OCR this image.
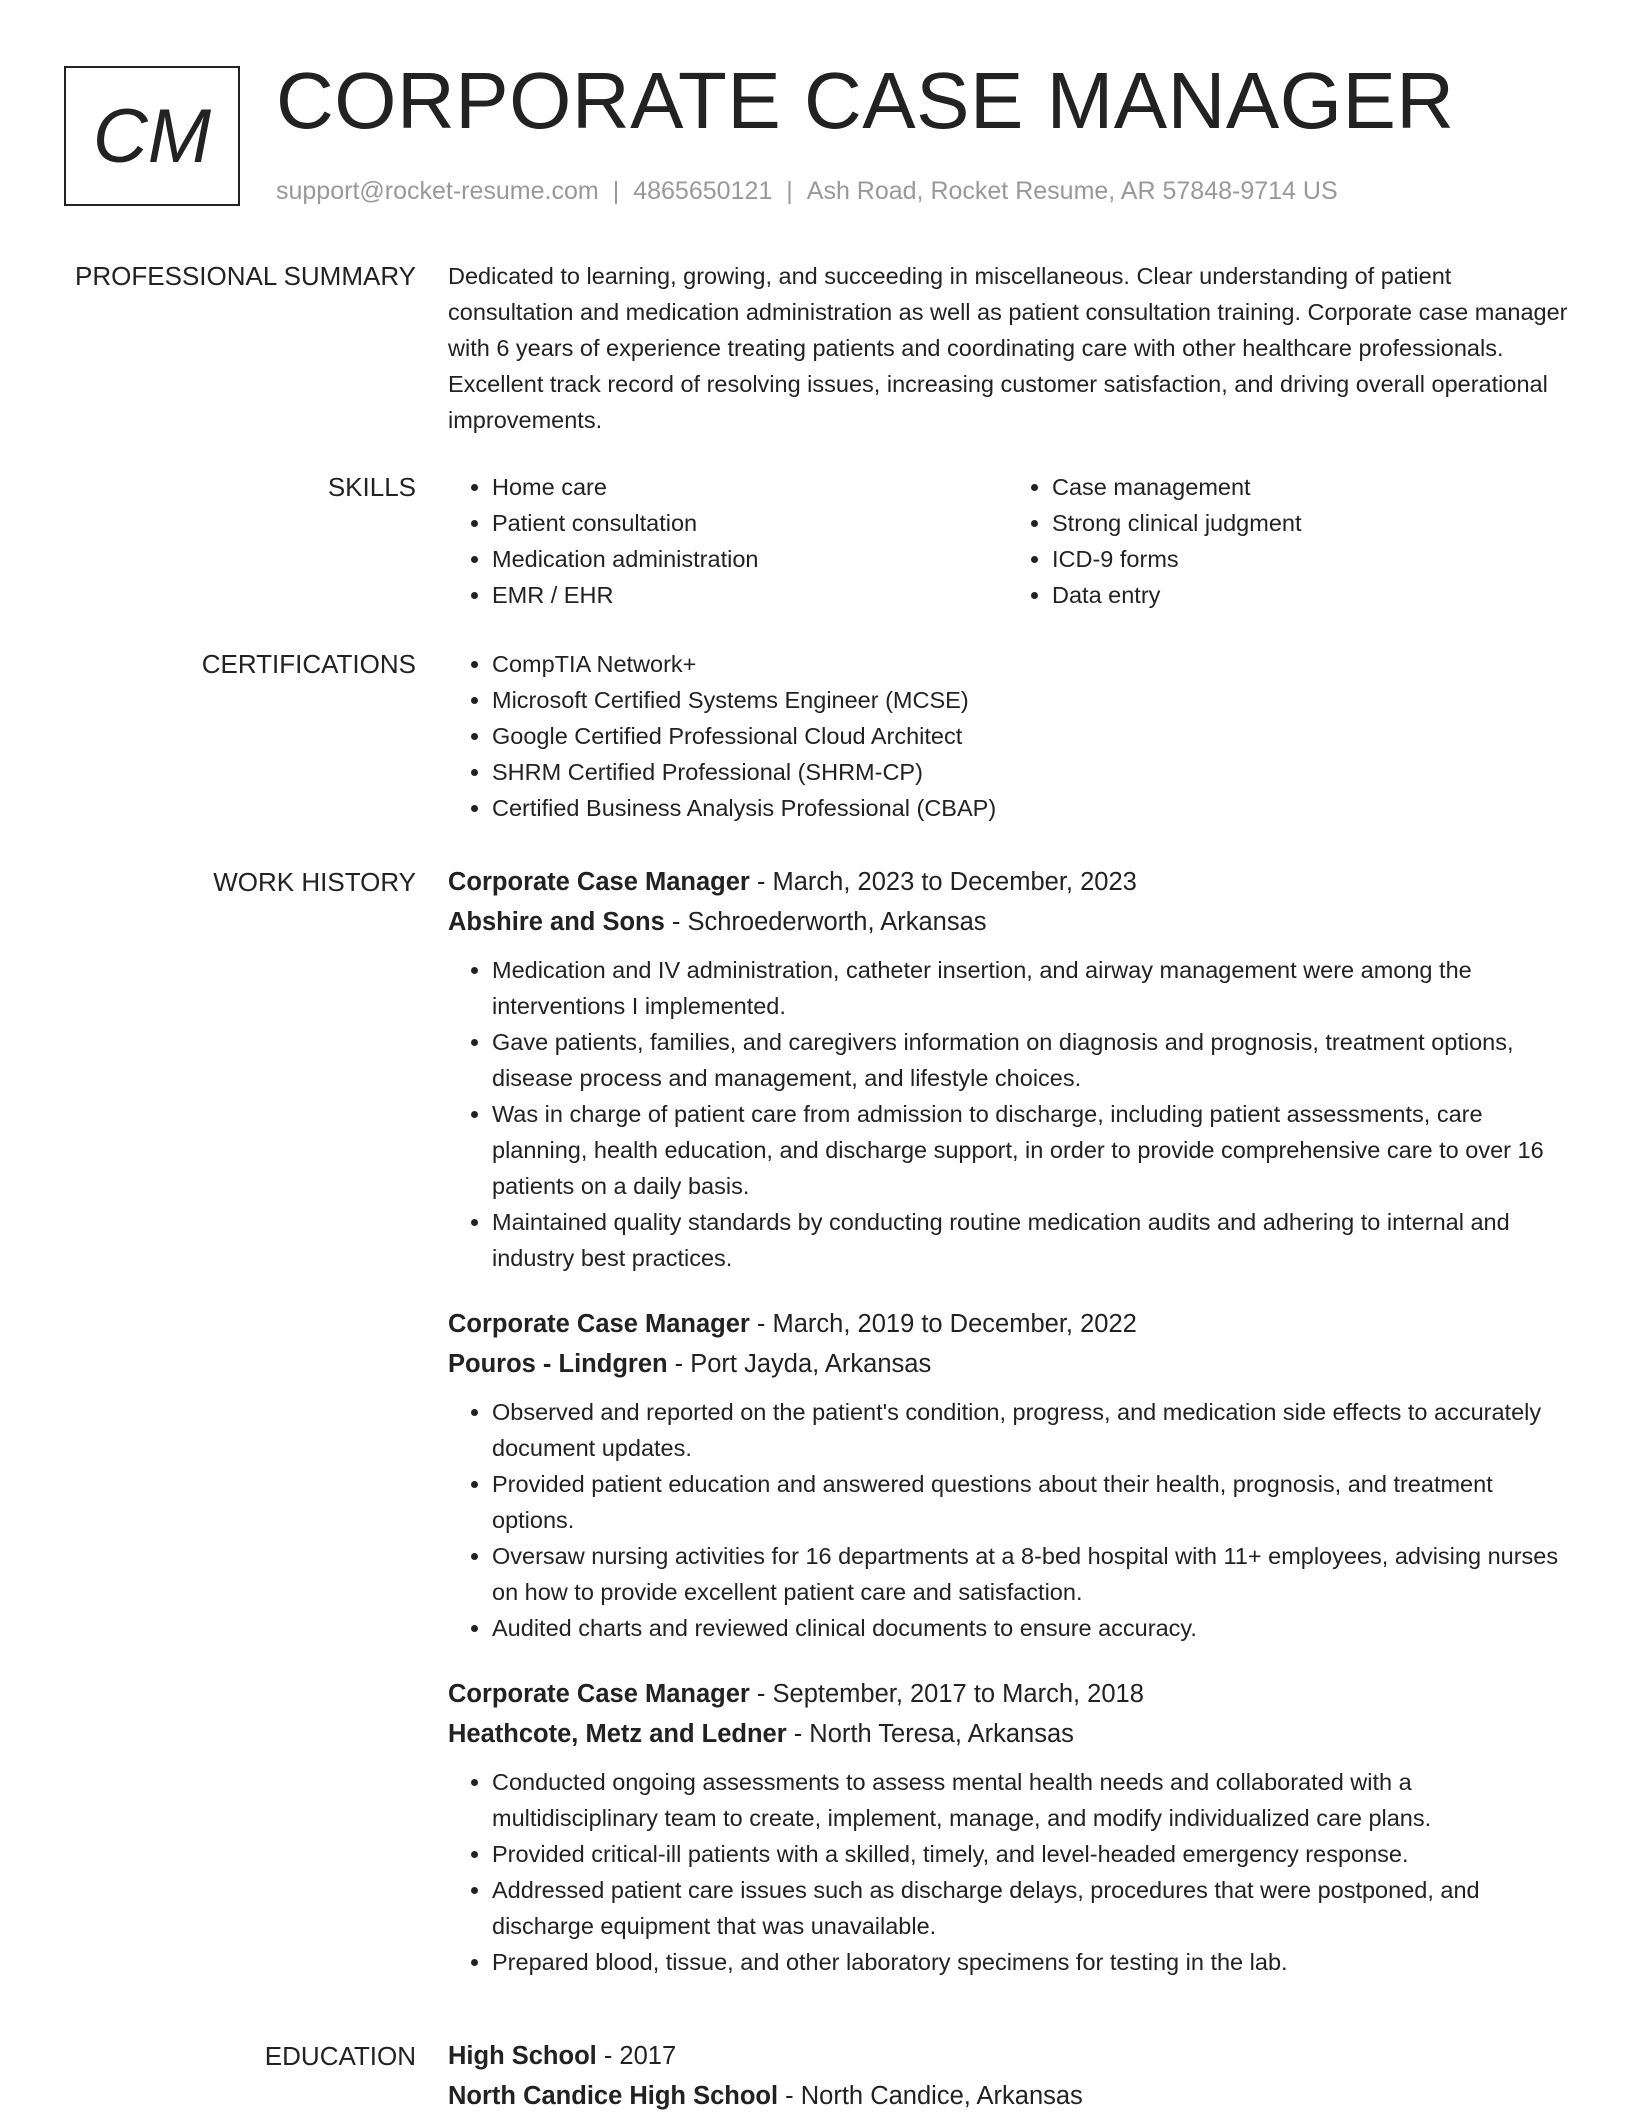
CM CORPORATE CASE MANAGER
support@rocket-resume.com | 4865650121 | Ash Road, Rocket Resume, AR 57848-9714 US
PROFESSIONAL SUMMARY Dedicated to learning, growing, and succeeding in miscellaneous. Clear understanding of patient consultation and medication administration as well as patient consultation training. Corporate case manager with 6 years of experience treating patients and coordinating care with other healthcare professionals. Excellent track record of resolving issues, increasing customer satisfaction, and driving overall operational improvements.

SKILLS	• Home care
• Patient consultation
• Medication administration
• EMR / EHR
• Case management
• Strong clinical judgment
• ICD-9 forms
• Data entry
CERTIFICATIONS	• CompTIA Network+
• Microsoft Certified Systems Engineer (MCSE)
• Google Certified Professional Cloud Architect
• SHRM Certified Professional (SHRM-CP)
• Certified Business Analysis Professional (CBAP)
WORK HISTORY Corporate Case Manager - March, 2023 to December, 2023
Abshire and Sons - Schroederworth, Arkansas
• Medication and IV administration, catheter insertion, and airway management were among the interventions I implemented.
• Gave patients, families, and caregivers information on diagnosis and prognosis, treatment options, disease process and management, and lifestyle choices.
• Was in charge of patient care from admission to discharge, including patient assessments, care planning, health education, and discharge support, in order to provide comprehensive care to over 16 patients on a daily basis.
• Maintained quality standards by conducting routine medication audits and adhering to internal and industry best practices.
Corporate Case Manager - March, 2019 to December, 2022
Pouros - Lindgren - Port Jayda, Arkansas
• Observed and reported on the patient's condition, progress, and medication side effects to accurately document updates.
• Provided patient education and answered questions about their health, prognosis, and treatment options.
• Oversaw nursing activities for 16 departments at a 8-bed hospital with 11+ employees, advising nurses on how to provide excellent patient care and satisfaction.
• Audited charts and reviewed clinical documents to ensure accuracy.
Corporate Case Manager - September, 2017 to March, 2018
Heathcote, Metz and Ledner - North Teresa, Arkansas
• Conducted ongoing assessments to assess mental health needs and collaborated with a multidisciplinary team to create, implement, manage, and modify individualized care plans.
• Provided critical-ill patients with a skilled, timely, and level-headed emergency response.
• Addressed patient care issues such as discharge delays, procedures that were postponed, and discharge equipment that was unavailable.
• Prepared blood, tissue, and other laboratory specimens for testing in the lab.
EDUCATION High School - 2017
North Candice High School - North Candice, Arkansas
